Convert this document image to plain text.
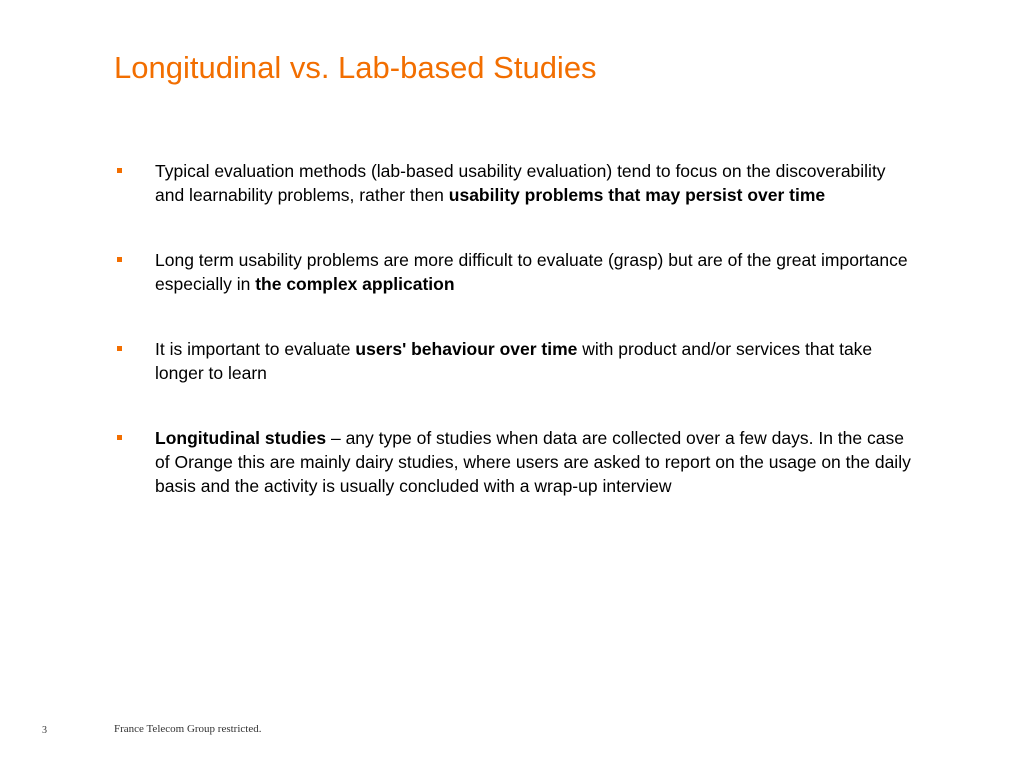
Longitudinal vs. Lab-based Studies
Typical evaluation methods (lab-based usability evaluation) tend to focus on the discoverability and learnability problems, rather then usability problems that may persist over time
Long term usability problems are more difficult to evaluate (grasp) but are of the great importance especially in the complex application
It is important to evaluate users' behaviour over time with product and/or services that take longer to learn
Longitudinal studies – any type of studies when data are collected over a few days. In the case of Orange this are mainly dairy studies, where users are asked to report on the usage on the daily basis and the activity is usually concluded with a wrap-up interview
3	France Telecom Group restricted.
